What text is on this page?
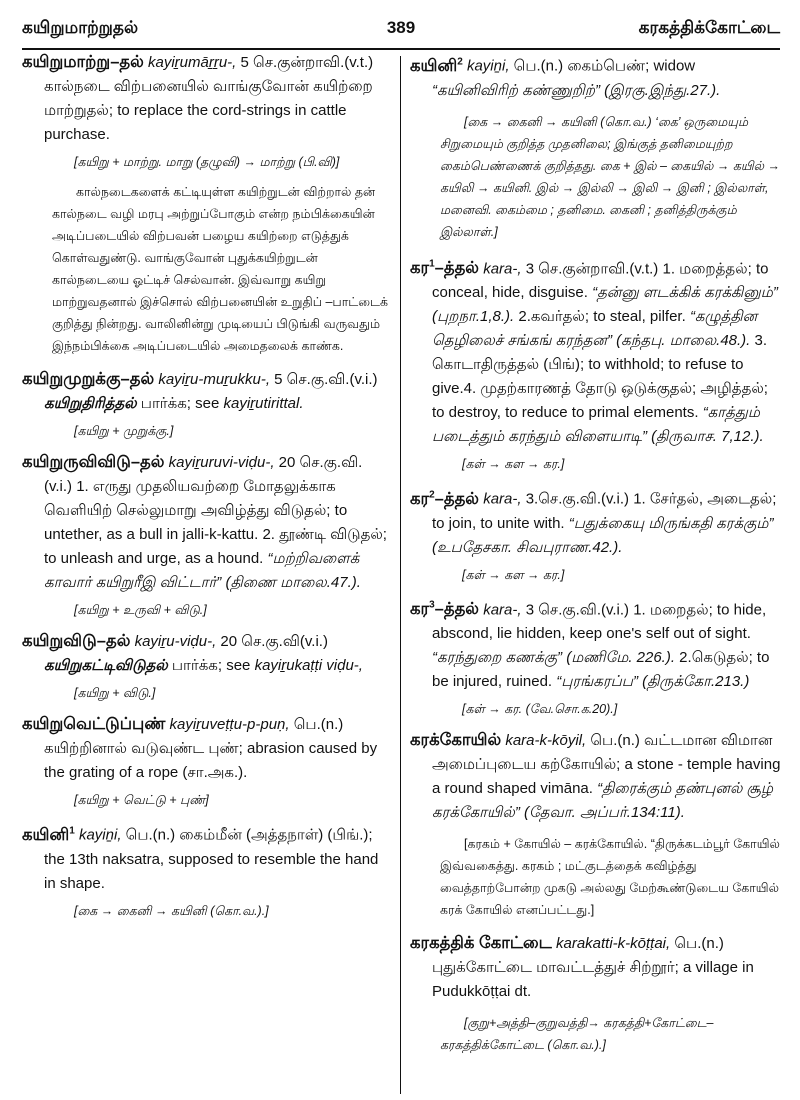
கயிறுமாற்றுதல்	389	கரகத்திக்கோட்டை

கயிறுமாற்று–தல் kayiṟumāṟṟu-, 5 செ.குன்றாவி.(v.t.) கால்நடை விற்பனையில் வாங்குவோன் கயிற்றை மாற்றுதல்; to replace the cord-strings in cattle purchase.

[கயிறு + மாற்று. மாறு (தழுவி) → மாற்று (பி.வி)]

கால்நடைகளைக் கட்டியுள்ள கயிற்றுடன் விற்றால் தன் கால்நடை வழி மரபு அற்றுப்போகும் என்ற நம்பிக்கையின் அடிப்படையில் விற்பவன் பழைய கயிற்றை எடுத்துக் கொள்வதுண்டு. வாங்குவோன் புதுக்கயிற்றுடன் கால்நடையை ஓட்டிச் செல்வான். இவ்வாறு கயிறு மாற்றுவதனால் இச்சொல் விற்பனையின் உறுதிப் –பாட்டைக் குறித்து நின்றது. வாலினின்று முடியைப் பிடுங்கி வருவதும் இந்நம்பிக்கை அடிப்படையில் அமைதலைக் காண்க.

கயிறுமுறுக்கு–தல் kayiṟu-muṟukku-, 5 செ.கு.வி.(v.i.) கயிறுதிரித்தல் பார்க்க; see kayiṟutirittal.

[கயிறு + முறுக்கு.]

கயிறுருவிவிடு–தல் kayiṟuruvi-viḍu-, 20 செ.கு.வி. (v.i.) 1. எருது முதலியவற்றை மோதலுக்காக வெளியிற் செல்லுமாறு அவிழ்த்து விடுதல்; to untether, as a bull in jalli-k-kattu. 2. தூண்டி விடுதல்; to unleash and urge, as a hound. “மற்றிவளைக் காவார் கயிறுரீஇ விட்டார்” (திணை மாலை.47.).

[கயிறு + உருவி + விடு.]

கயிறுவிடு–தல் kayiṟu-viḍu-, 20 செ.கு.வி(v.i.) கயிறுகட்டிவிடுதல் பார்க்க; see kayiṟukaṭṭi viḍu-,

[கயிறு + விடு.]

கயிறுவெட்டுப்புண் kayiṟuveṭṭu-p-puṇ, பெ.(n.) கயிற்றினால் வடுவுண்ட புண்; abrasion caused by the grating of a rope (சா.அக.).

[கயிறு + வெட்டு + புண்]

கயினி$^1$ kayiṉi, பெ.(n.) கைம்மீன் (அத்தநாள்) (பிங்.); the 13th naksatra, supposed to resemble the hand in shape.

[கை → கைனி → கயினி (கொ.வ.).]

கயினி$^2$ kayiṉi, பெ.(n.) கைம்பெண்; widow “கயினிவிரிற் கண்ணுறிற்” (இரகு.இந்து.27.).

[கை → கைனி → கயினி (கொ.வ.) ‘கை’ ஒருமையும் சிறுமையும் குறித்த முதனிலை; இங்குத் தனிமையுற்ற கைம்பெண்ணைக் குறித்தது. கை + இல் – கையில் → கயில் → கயிலி → கயினி. இல் → இல்லி → இலி → இனி ; இல்லாள், மனைவி. கைம்மை ; தனிமை. கைனி ; தனித்திருக்கும் இல்லாள்.]

கர$^1$–த்தல் kara-, 3 செ.குன்றாவி.(v.t.) 1. மறைத்தல்; to conceal, hide, disguise. “தன்னு ளடக்கிக் கரக்கினும்” (புறநா.1,8.). 2.கவர்தல்; to steal, pilfer. “கழுத்தின தெழிலைச் சங்கங் கரந்தன” (கந்தபு. மாலை.48.). 3. கொடாதிருத்தல் (பிங்); to withhold; to refuse to give.4. முதற்காரணத் தோடு ஒடுக்குதல்; அழித்தல்; to destroy, to reduce to primal elements. “காத்தும் படைத்தும் கரந்தும் விளையாடி” (திருவாச. 7,12.).

[கள் → கள → கர.]

கர$^2$–த்தல் kara-, 3.செ.கு.வி.(v.i.) 1. சேர்தல், அடைதல்; to join, to unite with. “பதுக்கையு மிருங்கதி கரக்கும்” (உபதேசகா. சிவபுராண.42.).

[கள் → கள → கர.]

கர$^3$–த்தல் kara-, 3 செ.கு.வி.(v.i.) 1. மறைதல்; to hide, abscond, lie hidden, keep one's self out of sight. “கரந்துறை கணக்கு” (மணிமே. 226.). 2.கெடுதல்; to be injured, ruined. “புரங்கரப்ப” (திருக்கோ.213.)

[கள் → கர. (வே.சொ.க.20).]

கரக்கோயில் kara-k-kōyil, பெ.(n.) வட்டமான விமான அமைப்புடைய கற்கோயில்; a stone - temple having a round shaped vimāna. “திரைக்கும் தண்புனல் சூழ் கரக்கோயில்” (தேவா. அப்பர்.134:11).

[கரகம் + கோயில் – கரக்கோயில். “திருக்கடம்பூர் கோயில் இவ்வகைத்து. கரகம் ; மட்குடத்தைக் கவிழ்த்து வைத்தாற்போன்ற முகடு அல்லது மேற்கூண்டுடைய கோயில் கரக் கோயில் எனப்பட்டது.]

கரகத்திக் கோட்டை karakatti-k-kōṭṭai, பெ.(n.) புதுக்கோட்டை மாவட்டத்துச் சிற்றூர்; a village in Pudukkōṭṭai dt.

[குறு+அத்தி–குறுவத்தி→ கரகத்தி+கோட்டை–கரகத்திக்கோட்டை (கொ.வ.).]
